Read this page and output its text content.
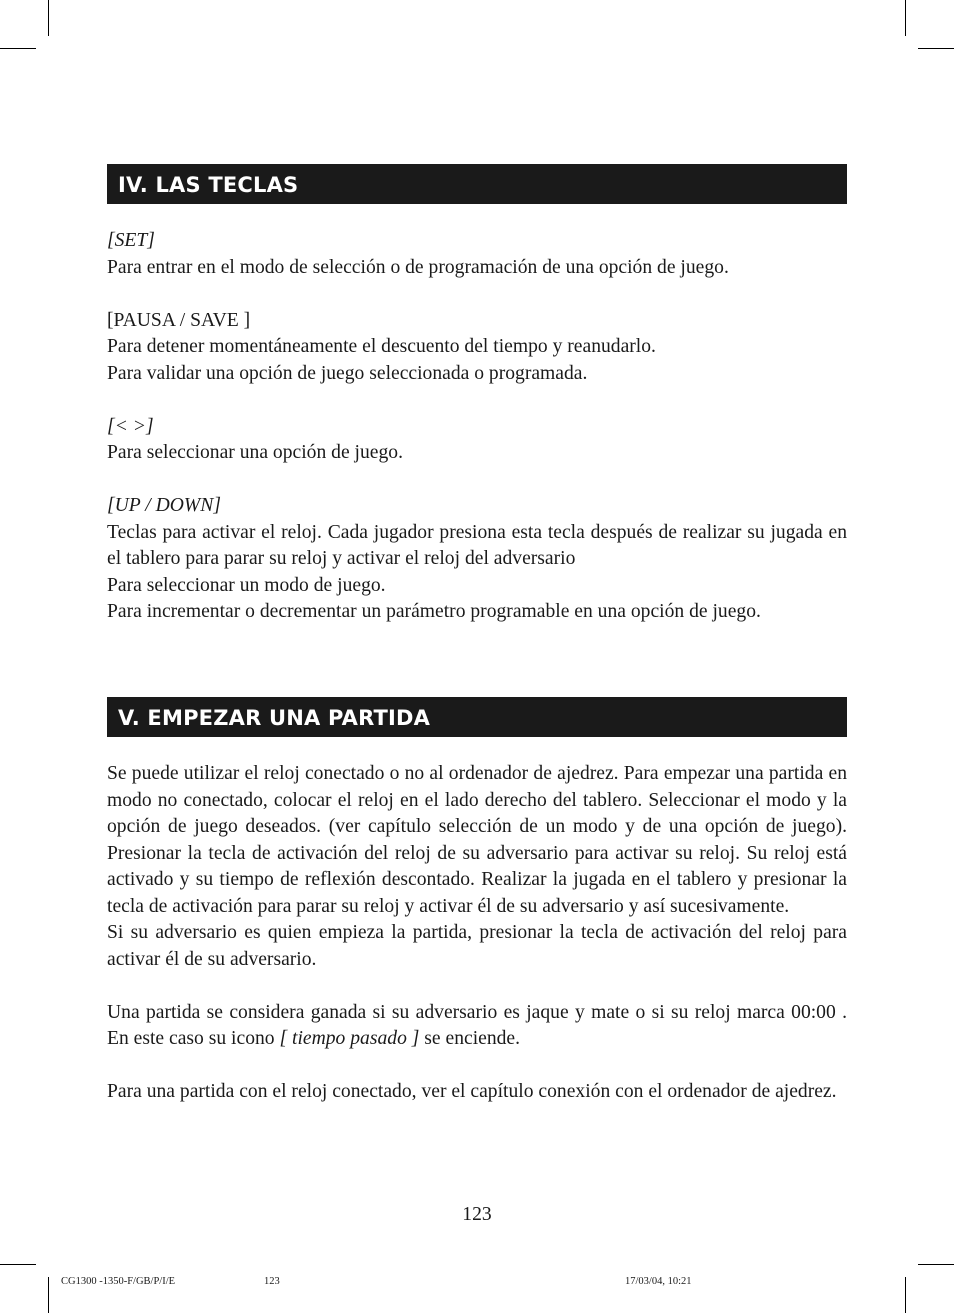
IV. LAS TECLAS

[SET]

Para entrar en el modo de selección o de programación de una opción de juego.

[PAUSA / SAVE ]

Para detener momentáneamente el descuento del tiempo y reanudarlo.

Para validar una opción de juego seleccionada o programada.

[< >]

Para seleccionar una opción de juego.

[UP / DOWN]

Teclas para activar el reloj. Cada jugador presiona esta tecla después de realizar su jugada en el tablero para parar su reloj y activar el reloj del adversario

Para seleccionar un modo de juego.

Para incrementar o decrementar un parámetro programable en una opción de juego.

V. EMPEZAR UNA PARTIDA

Se puede utilizar el reloj conectado o no al ordenador de ajedrez. Para empezar una partida en modo no conectado, colocar el reloj en el lado derecho del tablero. Seleccionar el modo y la opción de juego deseados. (ver capítulo selección de un modo y de una opción de juego). Presionar la tecla de activación del reloj de su adversario para activar su reloj. Su reloj está activado y su tiempo de reflexión descontado. Realizar la jugada en el tablero y presionar la tecla de activación para parar su reloj y activar él de su adversario y así sucesivamente.

Si su adversario es quien empieza la partida, presionar la tecla de activación del reloj para activar él de su adversario.

Una partida se considera ganada si su adversario es jaque y mate o si su reloj marca 00:00 . En este caso su icono [ tiempo pasado ] se enciende.

Para una partida con el reloj conectado, ver el capítulo conexión con el ordenador de ajedrez.

123
CG1300 -1350-F/GB/P/I/E	123	17/03/04, 10:21
